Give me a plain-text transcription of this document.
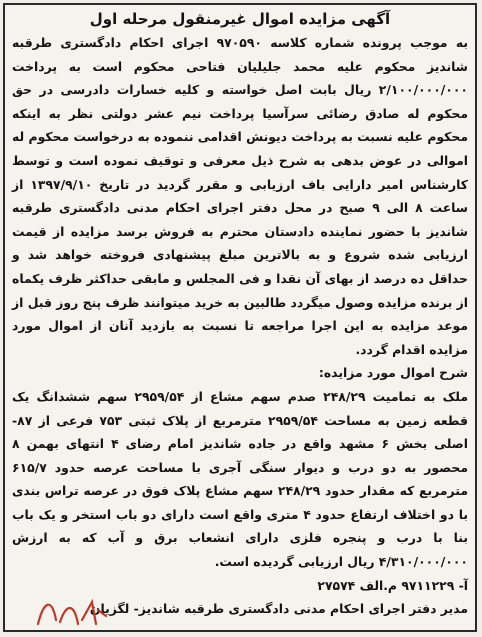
آگهی مزایده اموال غیرمنقول مرحله اول

به موجب پرونده شماره کلاسه ۹۷۰۵۹۰ اجرای احکام دادگستری طرقبه شاندیز محکوم علیه محمد جلیلیان فتاحی محکوم است به پرداخت ۲/۱۰۰/۰۰۰/۰۰۰ ریال بابت اصل خواسته و کلیه خسارات دادرسی در حق محکوم له صادق رضائی سرآسیا پرداخت نیم عشر دولتی نظر به اینکه محکوم علیه نسبت به پرداخت دیونش اقدامی ننموده به درخواست محکوم له اموالی در عوض بدهی به شرح ذیل معرفی و توقیف نموده است و توسط کارشناس امیر دارایی باف ارزیابی و مقرر گردید در تاریخ ۱۳۹۷/۹/۱۰ از ساعت ۸ الی ۹ صبح در محل دفتر اجرای احکام مدنی دادگستری طرقبه شاندیز با حضور نماینده دادستان محترم به فروش برسد مزایده از قیمت ارزیابی شده شروع و به بالاترین مبلغ پیشنهادی فروخته خواهد شد و حداقل ده درصد از بهای آن نقدا و فی المجلس و مابقی حداکثر ظرف یکماه از برنده مزایده وصول میگردد طالبین به خرید میتوانند ظرف پنج روز قبل از موعد مزایده به این اجرا مراجعه تا نسبت به بازدید آنان از اموال مورد مزایده اقدام گردد.

شرح اموال مورد مزایده:

ملک به تمامیت ۲۴۸/۲۹ صدم سهم مشاع از ۲۹۵۹/۵۴ سهم ششدانگ یک قطعه زمین به مساحت ۲۹۵۹/۵۴ مترمربع از پلاک ثبتی ۷۵۳ فرعی از ۸۷- اصلی بخش ۶ مشهد واقع در جاده شاندیز امام رضای ۴ انتهای بهمن ۸ محصور به دو درب و دیوار سنگی آجری با مساحت عرصه حدود ۶۱۵/۷ مترمربع که مقدار حدود ۲۴۸/۲۹ سهم مشاع پلاک فوق در عرصه تراس بندی با دو اختلاف ارتفاع حدود ۴ متری واقع است دارای دو باب استخر و یک باب بنا با درب و پنجره فلزی دارای انشعاب برق و آب که به ارزش ۴/۳۱۰/۰۰۰/۰۰۰ ریال ارزیابی گردیده است.

آ- ۹۷۱۱۲۲۹ م.الف ۲۷۵۷۴

مدیر دفتر اجرای احکام مدنی دادگستری طرقبه شاندیز- لگزیان
